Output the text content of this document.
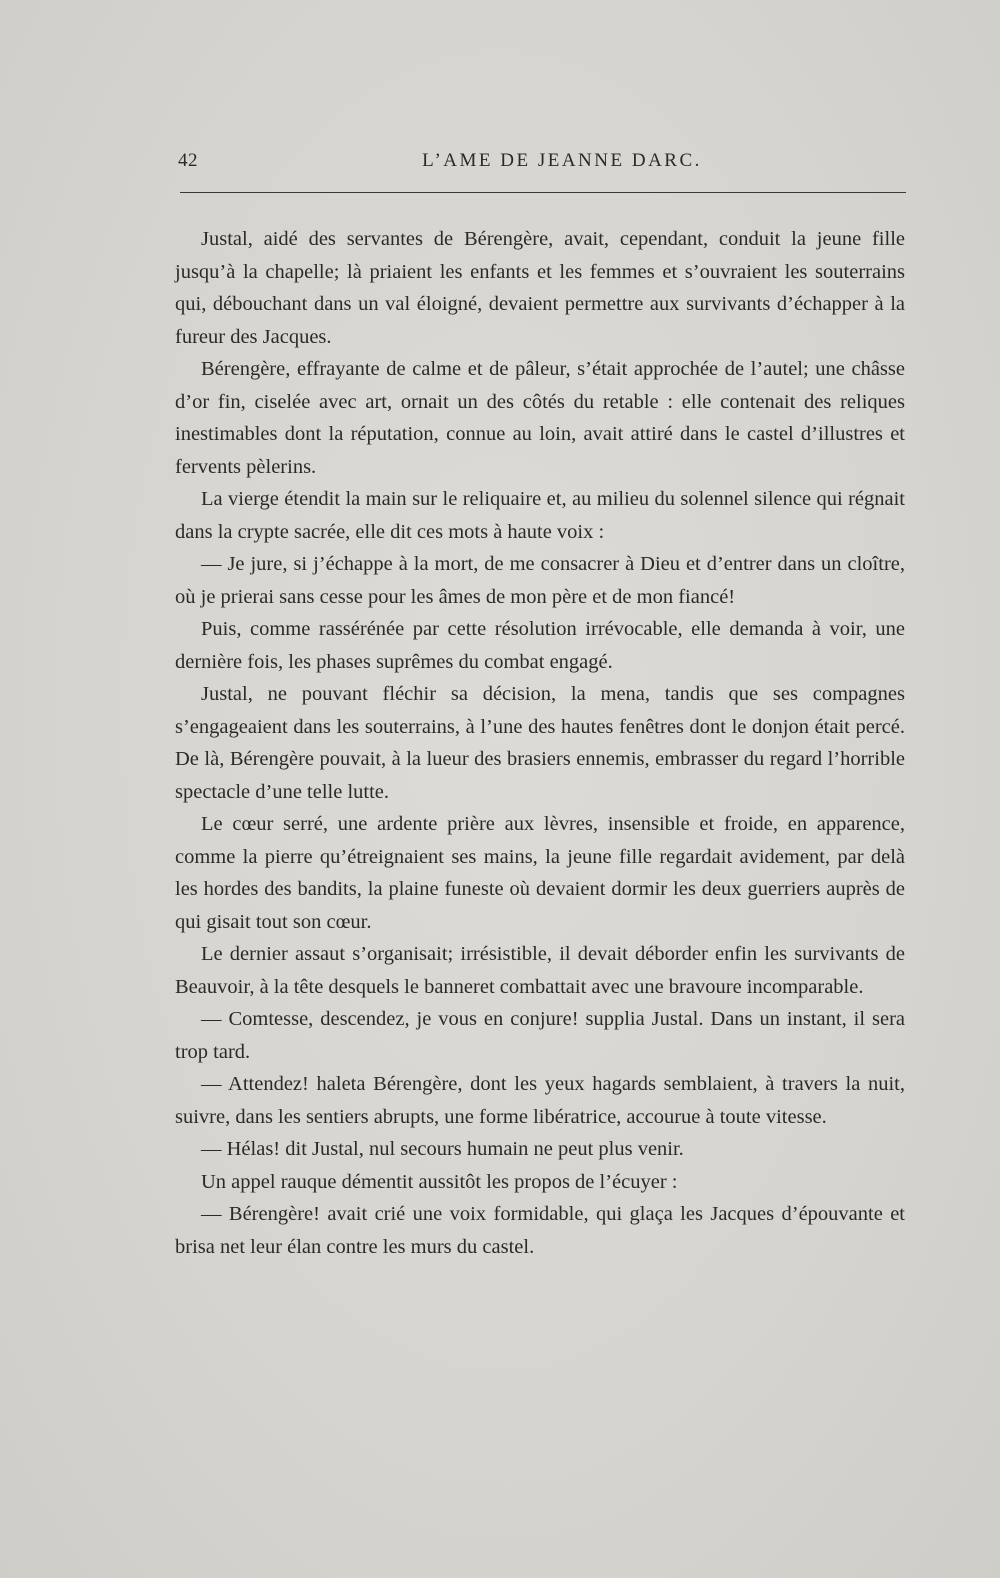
42	L’AME DE JEANNE DARC.

Justal, aidé des servantes de Bérengère, avait, cependant, conduit la jeune fille jusqu’à la chapelle; là priaient les enfants et les femmes et s’ouvraient les souterrains qui, débouchant dans un val éloigné, devaient permettre aux survivants d’échapper à la fureur des Jacques.

Bérengère, effrayante de calme et de pâleur, s’était approchée de l’autel; une châsse d’or fin, ciselée avec art, ornait un des côtés du retable : elle contenait des reliques inestimables dont la réputation, connue au loin, avait attiré dans le castel d’illustres et fervents pèlerins.

La vierge étendit la main sur le reliquaire et, au milieu du solennel silence qui régnait dans la crypte sacrée, elle dit ces mots à haute voix :

— Je jure, si j’échappe à la mort, de me consacrer à Dieu et d’entrer dans un cloître, où je prierai sans cesse pour les âmes de mon père et de mon fiancé!

Puis, comme rassérénée par cette résolution irrévocable, elle demanda à voir, une dernière fois, les phases suprêmes du combat engagé.

Justal, ne pouvant fléchir sa décision, la mena, tandis que ses compagnes s’engageaient dans les souterrains, à l’une des hautes fenêtres dont le donjon était percé. De là, Bérengère pouvait, à la lueur des brasiers ennemis, embrasser du regard l’horrible spectacle d’une telle lutte.

Le cœur serré, une ardente prière aux lèvres, insensible et froide, en apparence, comme la pierre qu’étreignaient ses mains, la jeune fille regardait avidement, par delà les hordes des bandits, la plaine funeste où devaient dormir les deux guerriers auprès de qui gisait tout son cœur.

Le dernier assaut s’organisait; irrésistible, il devait déborder enfin les survivants de Beauvoir, à la tête desquels le banneret combattait avec une bravoure incomparable.

— Comtesse, descendez, je vous en conjure! supplia Justal. Dans un instant, il sera trop tard.

— Attendez! haleta Bérengère, dont les yeux hagards semblaient, à travers la nuit, suivre, dans les sentiers abrupts, une forme libératrice, accourue à toute vitesse.

— Hélas! dit Justal, nul secours humain ne peut plus venir.

Un appel rauque démentit aussitôt les propos de l’écuyer :

— Bérengère! avait crié une voix formidable, qui glaça les Jacques d’épouvante et brisa net leur élan contre les murs du castel.
